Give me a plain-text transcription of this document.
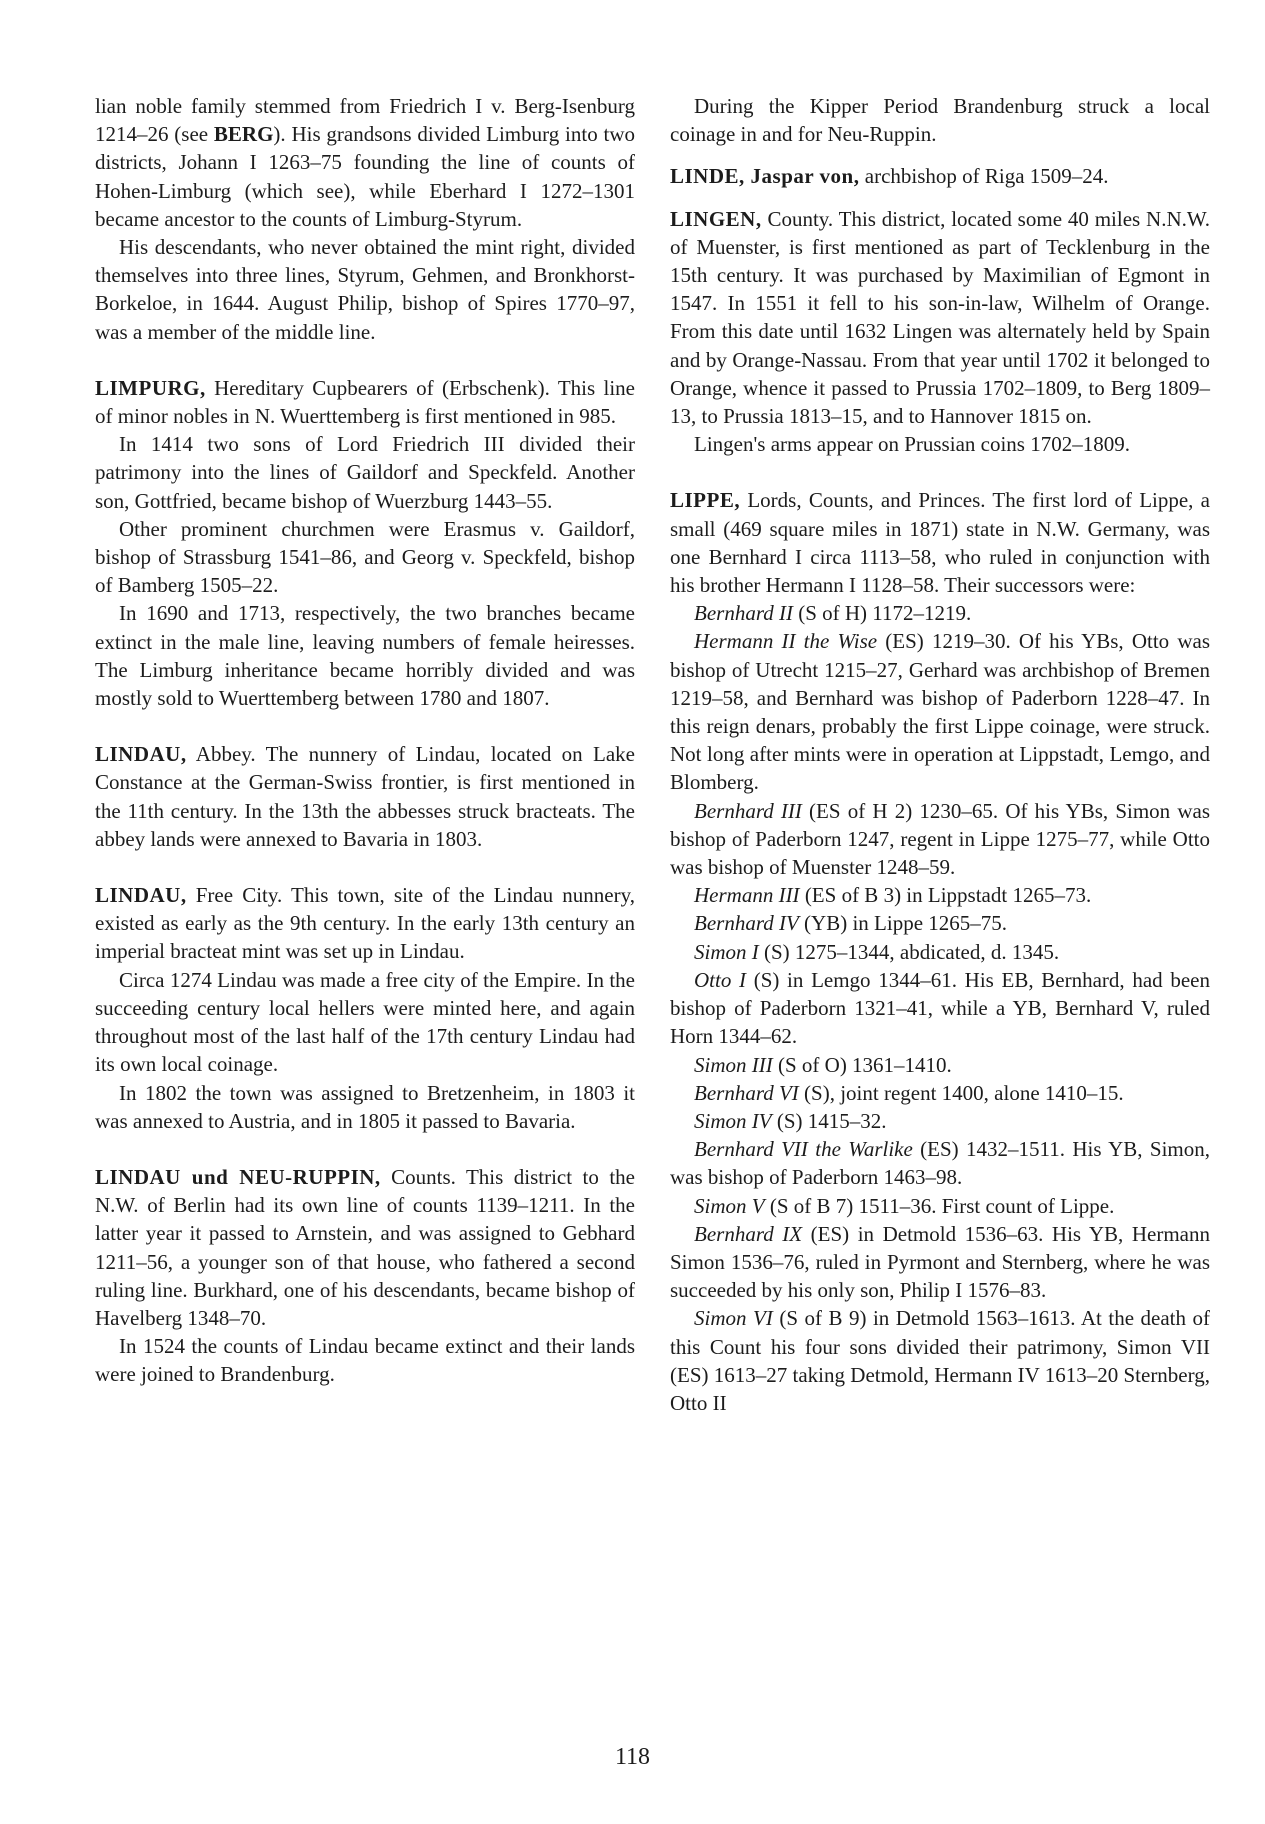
lian noble family stemmed from Friedrich I v. Berg-Isenburg 1214–26 (see BERG). His grandsons divided Limburg into two districts, Johann I 1263–75 founding the line of counts of Hohen-Limburg (which see), while Eberhard I 1272–1301 became ancestor to the counts of Limburg-Styrum.

His descendants, who never obtained the mint right, divided themselves into three lines, Styrum, Gehmen, and Bronkhorst-Borkeloe, in 1644. August Philip, bishop of Spires 1770–97, was a member of the middle line.

LIMPURG, Hereditary Cupbearers of (Erbschenk). This line of minor nobles in N. Wuerttemberg is first mentioned in 985.

In 1414 two sons of Lord Friedrich III divided their patrimony into the lines of Gaildorf and Speckfeld. Another son, Gottfried, became bishop of Wuerzburg 1443–55.

Other prominent churchmen were Erasmus v. Gaildorf, bishop of Strassburg 1541–86, and Georg v. Speckfeld, bishop of Bamberg 1505–22.

In 1690 and 1713, respectively, the two branches became extinct in the male line, leaving numbers of female heiresses. The Limburg inheritance became horribly divided and was mostly sold to Wuerttemberg between 1780 and 1807.

LINDAU, Abbey. The nunnery of Lindau, located on Lake Constance at the German-Swiss frontier, is first mentioned in the 11th century. In the 13th the abbesses struck bracteats. The abbey lands were annexed to Bavaria in 1803.

LINDAU, Free City. This town, site of the Lindau nunnery, existed as early as the 9th century. In the early 13th century an imperial bracteat mint was set up in Lindau.

Circa 1274 Lindau was made a free city of the Empire. In the succeeding century local hellers were minted here, and again throughout most of the last half of the 17th century Lindau had its own local coinage.

In 1802 the town was assigned to Bretzenheim, in 1803 it was annexed to Austria, and in 1805 it passed to Bavaria.

LINDAU und NEU-RUPPIN, Counts. This district to the N.W. of Berlin had its own line of counts 1139–1211. In the latter year it passed to Arnstein, and was assigned to Gebhard 1211–56, a younger son of that house, who fathered a second ruling line. Burkhard, one of his descendants, became bishop of Havelberg 1348–70.

In 1524 the counts of Lindau became extinct and their lands were joined to Brandenburg.

During the Kipper Period Brandenburg struck a local coinage in and for Neu-Ruppin.

LINDE, Jaspar von, archbishop of Riga 1509–24.

LINGEN, County. This district, located some 40 miles N.N.W. of Muenster, is first mentioned as part of Tecklenburg in the 15th century. It was purchased by Maximilian of Egmont in 1547. In 1551 it fell to his son-in-law, Wilhelm of Orange. From this date until 1632 Lingen was alternately held by Spain and by Orange-Nassau. From that year until 1702 it belonged to Orange, whence it passed to Prussia 1702–1809, to Berg 1809–13, to Prussia 1813–15, and to Hannover 1815 on.

Lingen's arms appear on Prussian coins 1702–1809.

LIPPE, Lords, Counts, and Princes. The first lord of Lippe, a small (469 square miles in 1871) state in N.W. Germany, was one Bernhard I circa 1113–58, who ruled in conjunction with his brother Hermann I 1128–58. Their successors were:

Bernhard II (S of H) 1172–1219.

Hermann II the Wise (ES) 1219–30. Of his YBs, Otto was bishop of Utrecht 1215–27, Gerhard was archbishop of Bremen 1219–58, and Bernhard was bishop of Paderborn 1228–47. In this reign denars, probably the first Lippe coinage, were struck. Not long after mints were in operation at Lippstadt, Lemgo, and Blomberg.

Bernhard III (ES of H 2) 1230–65. Of his YBs, Simon was bishop of Paderborn 1247, regent in Lippe 1275–77, while Otto was bishop of Muenster 1248–59.

Hermann III (ES of B 3) in Lippstadt 1265–73.

Bernhard IV (YB) in Lippe 1265–75.

Simon I (S) 1275–1344, abdicated, d. 1345.

Otto I (S) in Lemgo 1344–61. His EB, Bernhard, had been bishop of Paderborn 1321–41, while a YB, Bernhard V, ruled Horn 1344–62.

Simon III (S of O) 1361–1410.

Bernhard VI (S), joint regent 1400, alone 1410–15.

Simon IV (S) 1415–32.

Bernhard VII the Warlike (ES) 1432–1511. His YB, Simon, was bishop of Paderborn 1463–98.

Simon V (S of B 7) 1511–36. First count of Lippe.

Bernhard IX (ES) in Detmold 1536–63. His YB, Hermann Simon 1536–76, ruled in Pyrmont and Sternberg, where he was succeeded by his only son, Philip I 1576–83.

Simon VI (S of B 9) in Detmold 1563–1613. At the death of this Count his four sons divided their patrimony, Simon VII (ES) 1613–27 taking Detmold, Hermann IV 1613–20 Sternberg, Otto II

118
